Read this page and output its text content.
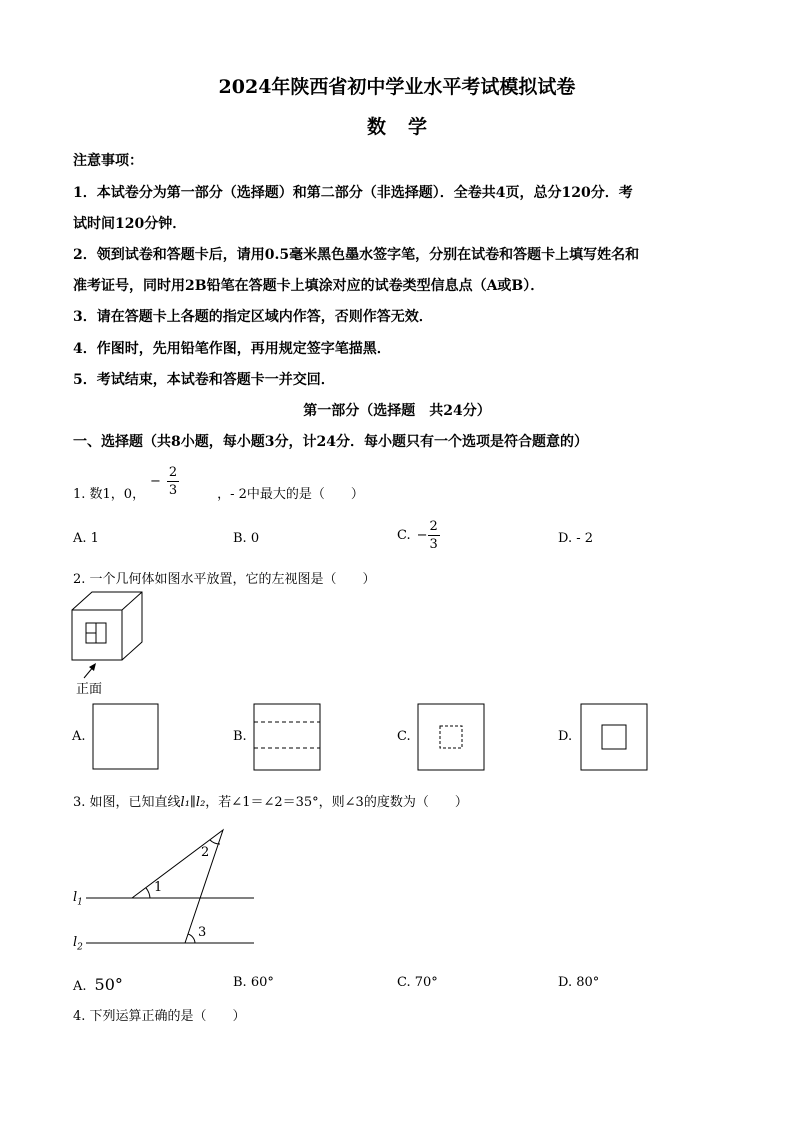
2024年陕西省初中学业水平考试模拟试卷
数学
注意事项：
1．本试卷分为第一部分（选择题）和第二部分（非选择题）．全卷共4页，总分120分．考
试时间120分钟．
2．领到试卷和答题卡后，请用0.5毫米黑色墨水签字笔，分别在试卷和答题卡上填写姓名和
准考证号，同时用2B铅笔在答题卡上填涂对应的试卷类型信息点（A或B）．
3．请在答题卡上各题的指定区域内作答，否则作答无效．
4．作图时，先用铅笔作图，再用规定签字笔描黑．
5．考试结束，本试卷和答题卡一并交回．
第一部分（选择题　共24分）
一、选择题（共8小题，每小题3分，计24分．每小题只有一个选项是符合题意的）
1. 数1，0，	，- 2中最大的是（　　）
− $\frac{2}{3}$
A. 1	B. 0	C. − $\frac{2}{3}$	D. - 2
2. 一个几何体如图水平放置，它的左视图是（　　）
正面
A.	B.	C.	D.
3. 如图，已知直线l₁∥l₂，若∠1＝∠2＝35°，则∠3的度数为（　　）
$l_1$
$l_2$
1
2
3
A. 50°	B. 60°	C. 70°	D. 80°
4. 下列运算正确的是（　　）
